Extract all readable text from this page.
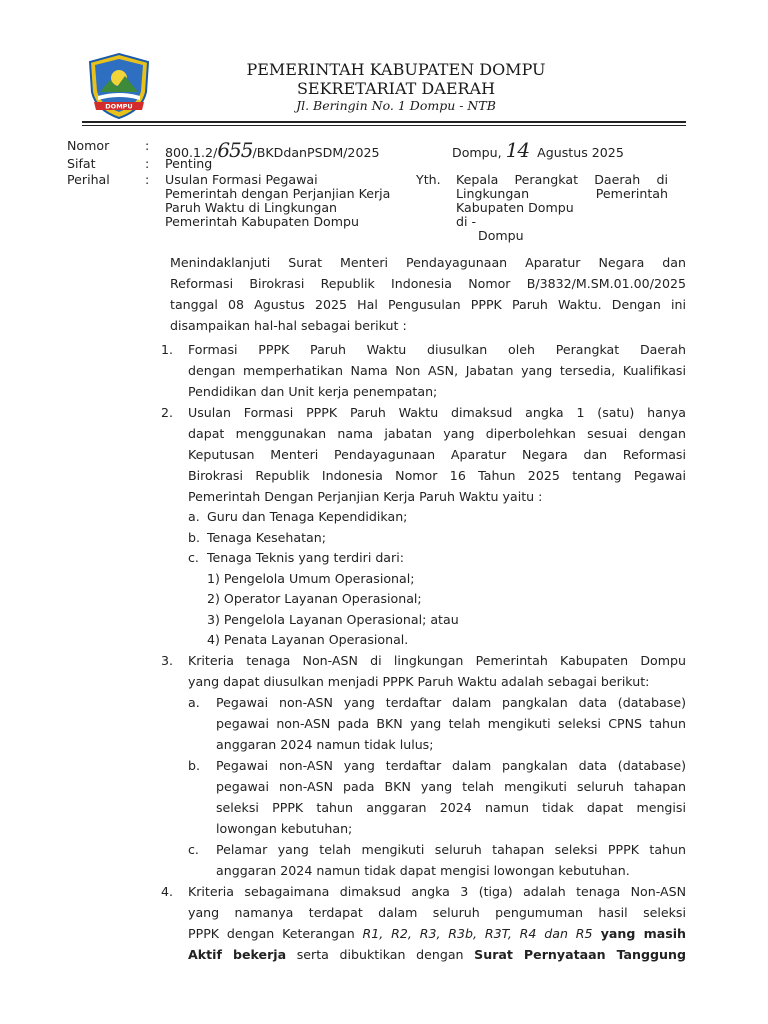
DOMPU
PEMERINTAH KABUPATEN DOMPU
SEKRETARIAT DAERAH
Jl. Beringin No. 1 Dompu - NTB
Nomor	: 800.1.2/655/BKDdanPSDM/2025
Sifat	: Penting
Perihal	: Usulan Formasi Pegawai
Pemerintah dengan Perjanjian Kerja
Paruh Waktu di Lingkungan
Pemerintah Kabupaten Dompu
Dompu, 14 Agustus 2025
Yth. Kepala Perangkat Daerah di
Lingkungan	Pemerintah
Kabupaten Dompu
di -
Dompu
Menindaklanjuti Surat Menteri Pendayagunaan Aparatur Negara dan
Reformasi Birokrasi Republik Indonesia Nomor B/3832/M.SM.01.00/2025
tanggal 08 Agustus 2025 Hal Pengusulan PPPK Paruh Waktu. Dengan ini
disampaikan hal-hal sebagai berikut :
1. Formasi PPPK Paruh Waktu diusulkan oleh Perangkat Daerah
dengan memperhatikan Nama Non ASN, Jabatan yang tersedia, Kualifikasi
Pendidikan dan Unit kerja penempatan;
2. Usulan Formasi PPPK Paruh Waktu dimaksud angka 1 (satu) hanya
dapat menggunakan nama jabatan yang diperbolehkan sesuai dengan
Keputusan Menteri Pendayagunaan Aparatur Negara dan Reformasi
Birokrasi Republik Indonesia Nomor 16 Tahun 2025 tentang Pegawai
Pemerintah Dengan Perjanjian Kerja Paruh Waktu yaitu :
a. Guru dan Tenaga Kependidikan;
b. Tenaga Kesehatan;
c. Tenaga Teknis yang terdiri dari:
1) Pengelola Umum Operasional;
2) Operator Layanan Operasional;
3) Pengelola Layanan Operasional; atau
4) Penata Layanan Operasional.
3. Kriteria tenaga Non-ASN di lingkungan Pemerintah Kabupaten Dompu
yang dapat diusulkan menjadi PPPK Paruh Waktu adalah sebagai berikut:
a. Pegawai non-ASN yang terdaftar dalam pangkalan data (database)
pegawai non-ASN pada BKN yang telah mengikuti seleksi CPNS tahun
anggaran 2024 namun tidak lulus;
b. Pegawai non-ASN yang terdaftar dalam pangkalan data (database)
pegawai non-ASN pada BKN yang telah mengikuti seluruh tahapan
seleksi PPPK tahun anggaran 2024 namun tidak dapat mengisi
lowongan kebutuhan;
c. Pelamar yang telah mengikuti seluruh tahapan seleksi PPPK tahun
anggaran 2024 namun tidak dapat mengisi lowongan kebutuhan.
4. Kriteria sebagaimana dimaksud angka 3 (tiga) adalah tenaga Non-ASN
yang namanya terdapat dalam seluruh pengumuman hasil seleksi
PPPK dengan Keterangan R1, R2, R3, R3b, R3T, R4 dan R5 yang masih
Aktif bekerja serta dibuktikan dengan Surat Pernyataan Tanggung
